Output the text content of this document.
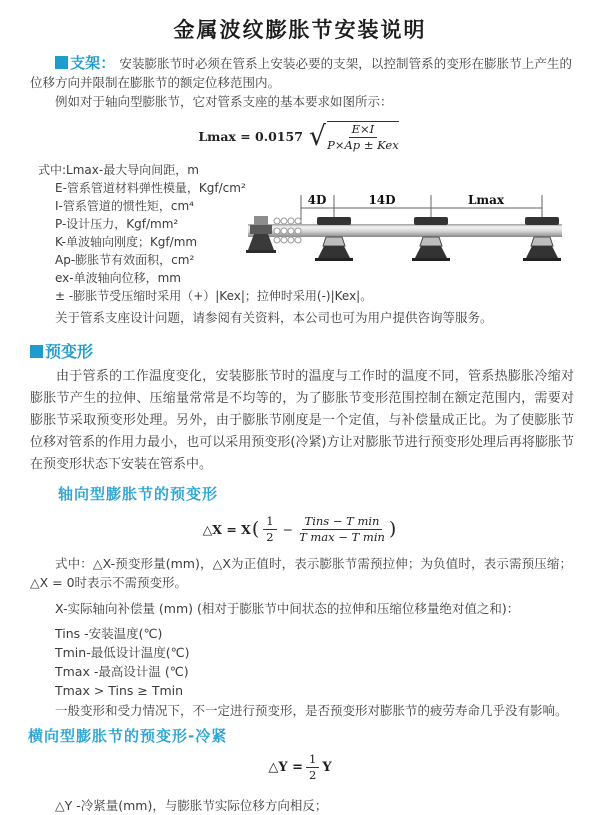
金属波纹膨胀节安装说明

支架： 安装膨胀节时必须在管系上安装必要的支架，以控制管系的变形在膨胀节上产生的位移方向并限制在膨胀节的额定位移范围内。

例如对于轴向型膨胀节，它对管系支座的基本要求如图所示：

Lmax = 0.0157 √ $\frac{E\times I}{\text{P×Ap ± Kex}}$
式中:Lmax-最大导向间距，m
E-管系管道材料弹性模量，Kgf/cm²
I-管系管道的惯性矩，cm⁴
P-设计压力，Kgf/mm²
K-单波轴向刚度；Kgf/mm
Ap-膨胀节有效面积，cm²
ex-单波轴向位移，mm
± -膨胀节受压缩时采用（+）|Kex|；拉伸时采用(-)|Kex|。

关于管系支座设计问题，请参阅有关资料，本公司也可为用户提供咨询等服务。

4D	14D	Lmax
预变形

由于管系的工作温度变化，安装膨胀节时的温度与工作时的温度不同，管系热膨胀冷缩对膨胀节产生的拉伸、压缩量常常是不均等的，为了膨胀节变形范围控制在额定范围内，需要对膨胀节采取预变形处理。另外，由于膨胀节刚度是一个定值，与补偿量成正比。为了使膨胀节位移对管系的作用力最小，也可以采用预变形(冷紧)方让对膨胀节进行预变形处理后再将膨胀节在预变形状态下安装在管系中。

轴向型膨胀节的预变形
△X = X ( $\frac{1}{2} - \frac{\text{Tins − T min}}{\text{T max − T min}}$ )

式中：△X-预变形量(mm)，△X为正值时，表示膨胀节需预拉伸；为负值时，表示需预压缩；△X = 0时表示不需预变形。

X-实际轴向补偿量 (mm) (相对于膨胀节中间状态的拉伸和压缩位移量绝对值之和)：
Tins -安装温度(℃)
Tmin-最低设计温度(℃)
Tmax -最高设计温 (℃)
Tmax > Tins ≥ Tmin

一般变形和受力情况下，不一定进行预变形，是否预变形对膨胀节的疲劳寿命几乎没有影响。

横向型膨胀节的预变形-冷紧
△Y = $\frac{1}{2}$ Y
△Y -冷紧量(mm)，与膨胀节实际位移方向相反；
